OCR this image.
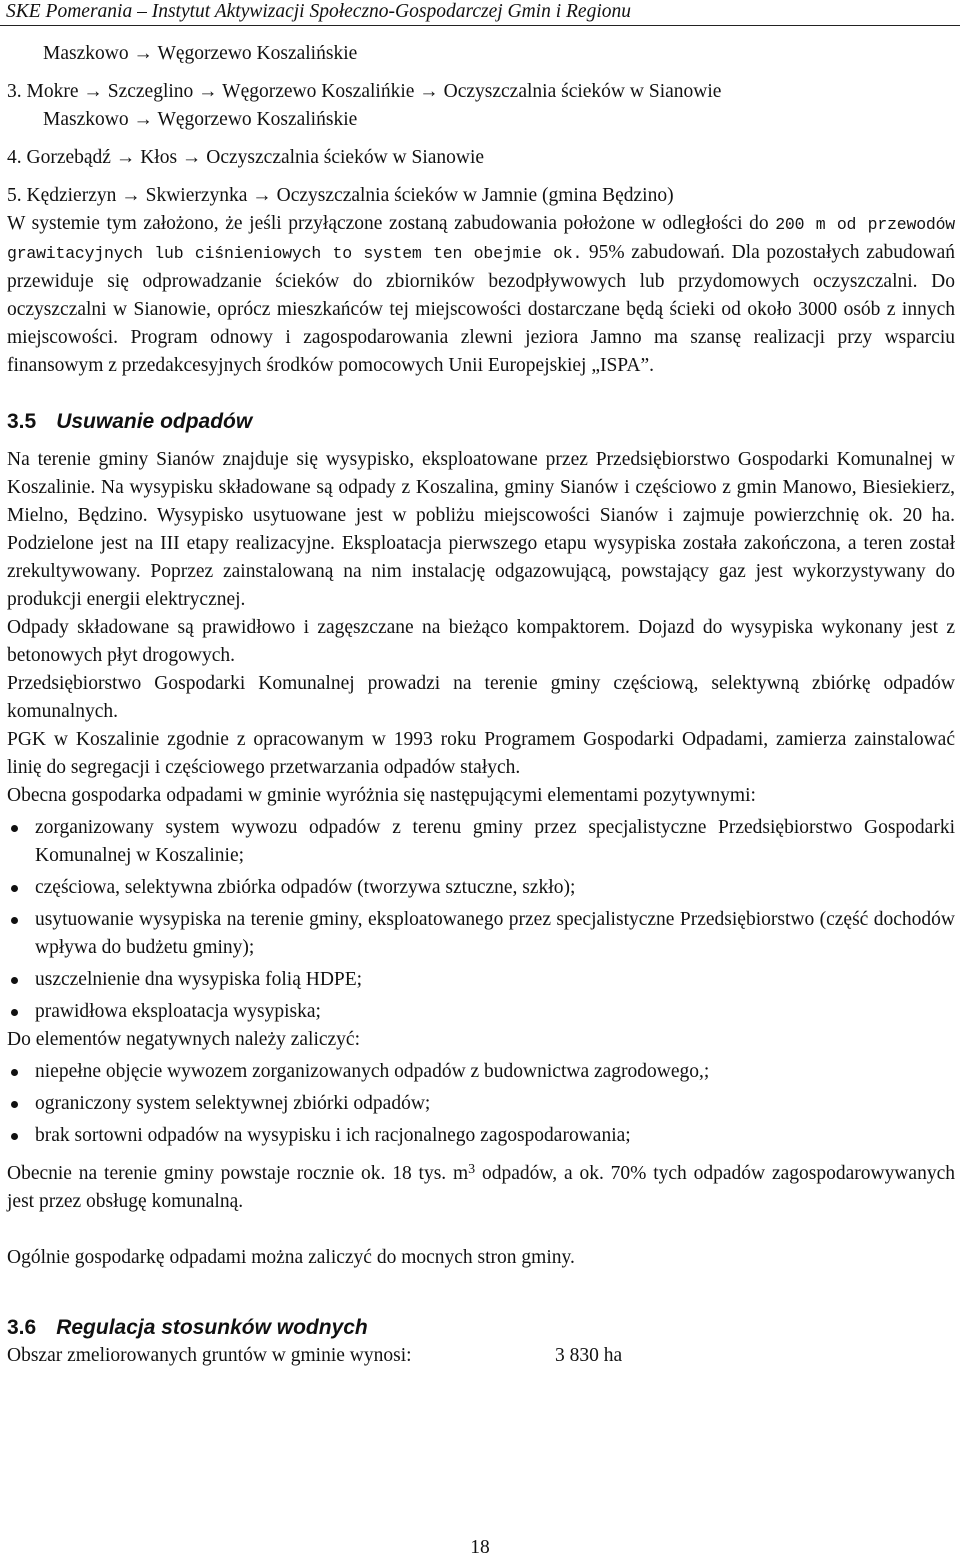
SKE Pomerania – Instytut Aktywizacji Społeczno-Gospodarczej Gmin i Regionu

Maszkowo → Węgorzewo Koszalińskie

3. Mokre → Szczeglino → Węgorzewo Koszalińkie → Oczyszczalnia ścieków w Sianowie

Maszkowo → Węgorzewo Koszalińskie

4. Gorzebądź → Kłos → Oczyszczalnia ścieków w Sianowie

5. Kędzierzyn → Skwierzynka → Oczyszczalnia ścieków w Jamnie (gmina Będzino)

W systemie tym założono, że jeśli przyłączone zostaną zabudowania położone w odległości do 200 m od przewodów grawitacyjnych lub ciśnieniowych to system ten obejmie ok. 95% zabudowań. Dla pozostałych zabudowań przewiduje się odprowadzanie ścieków do zbiorników bezodpływowych lub przydomowych oczyszczalni. Do oczyszczalni w Sianowie, oprócz mieszkańców tej miejscowości dostarczane będą ścieki od około 3000 osób z innych miejscowości. Program odnowy i zagospodarowania zlewni jeziora Jamno ma szansę realizacji przy wsparciu finansowym z przedakcesyjnych środków pomocowych Unii Europejskiej „ISPA”.

3.5 Usuwanie odpadów

Na terenie gminy Sianów znajduje się wysypisko, eksploatowane przez Przedsiębiorstwo Gospodarki Komunalnej w Koszalinie. Na wysypisku składowane są odpady z Koszalina, gminy Sianów i częściowo z gmin Manowo, Biesiekierz, Mielno, Będzino. Wysypisko usytuowane jest w pobliżu miejscowości Sianów i zajmuje powierzchnię ok. 20 ha. Podzielone jest na III etapy realizacyjne. Eksploatacja pierwszego etapu wysypiska została zakończona, a teren został zrekultywowany. Poprzez zainstalowaną na nim instalację odgazowującą, powstający gaz jest wykorzystywany do produkcji energii elektrycznej.

Odpady składowane są prawidłowo i zagęszczane na bieżąco kompaktorem. Dojazd do wysypiska wykonany jest z betonowych płyt drogowych.

Przedsiębiorstwo Gospodarki Komunalnej prowadzi na terenie gminy częściową, selektywną zbiórkę odpadów komunalnych.

PGK w Koszalinie zgodnie z opracowanym w 1993 roku Programem Gospodarki Odpadami, zamierza zainstalować linię do segregacji i częściowego przetwarzania odpadów stałych.

Obecna gospodarka odpadami w gminie wyróżnia się następującymi elementami pozytywnymi:

zorganizowany system wywozu odpadów z terenu gminy przez specjalistyczne Przedsiębiorstwo Gospodarki Komunalnej w Koszalinie;
częściowa, selektywna zbiórka odpadów (tworzywa sztuczne, szkło);
usytuowanie wysypiska na terenie gminy, eksploatowanego przez specjalistyczne Przedsiębiorstwo (część dochodów wpływa do budżetu gminy);
uszczelnienie dna wysypiska folią HDPE;
prawidłowa eksploatacja wysypiska;

Do elementów negatywnych należy zaliczyć:

niepełne objęcie wywozem zorganizowanych odpadów z budownictwa zagrodowego,;
ograniczony system selektywnej zbiórki odpadów;
brak sortowni odpadów na wysypisku i ich racjonalnego zagospodarowania;

Obecnie na terenie gminy powstaje rocznie ok. 18 tys. $m^3$ odpadów, a ok. 70% tych odpadów zagospodarowywanych jest przez obsługę komunalną.

Ogólnie gospodarkę odpadami można zaliczyć do mocnych stron gminy.

3.6 Regulacja stosunków wodnych
Obszar zmeliorowanych gruntów w gminie wynosi:	3 830 ha
18
